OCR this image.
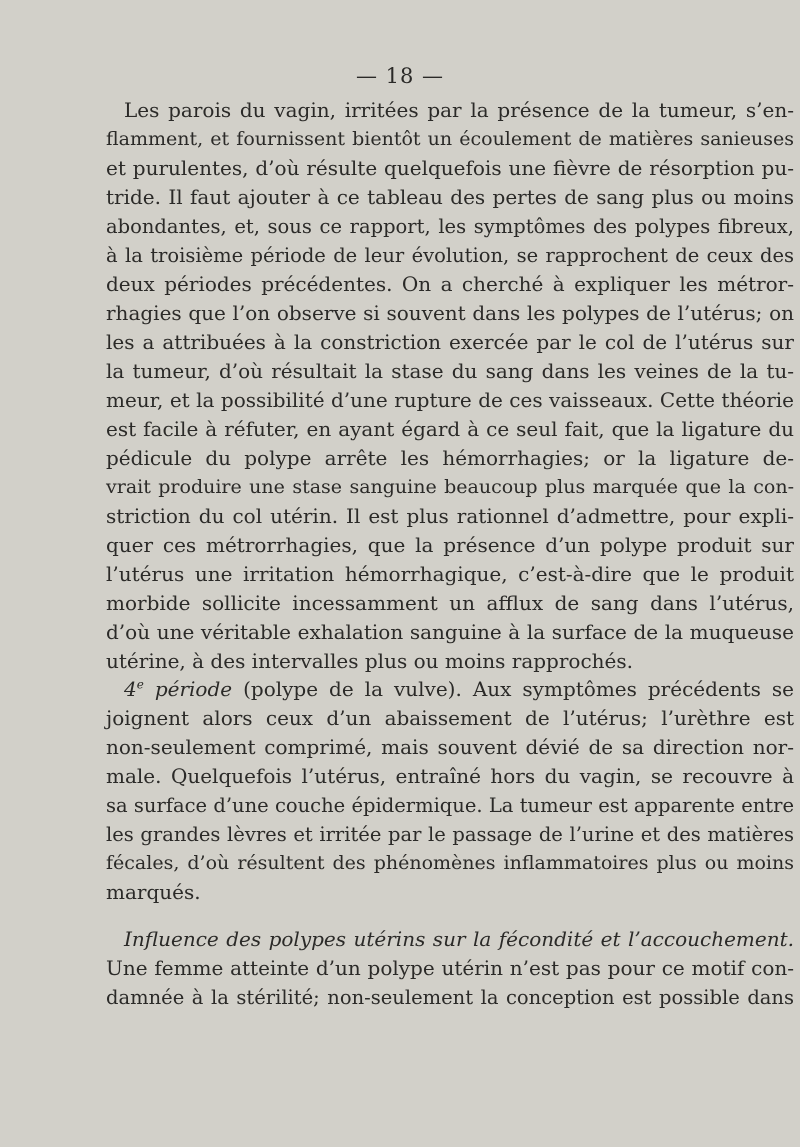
— 18 —

Les parois du vagin, irritées par la présence de la tumeur, s’en-
flamment, et fournissent bientôt un écoulement de matières sanieuses
et purulentes, d’où résulte quelquefois une fièvre de résorption pu-
tride. Il faut ajouter à ce tableau des pertes de sang plus ou moins
abondantes, et, sous ce rapport, les symptômes des polypes fibreux,
à la troisième période de leur évolution, se rapprochent de ceux des
deux périodes précédentes. On a cherché à expliquer les métror-
rhagies que l’on observe si souvent dans les polypes de l’utérus; on
les a attribuées à la constriction exercée par le col de l’utérus sur
la tumeur, d’où résultait la stase du sang dans les veines de la tu-
meur, et la possibilité d’une rupture de ces vaisseaux. Cette théorie
est facile à réfuter, en ayant égard à ce seul fait, que la ligature du
pédicule du polype arrête les hémorrhagies; or la ligature de-
vrait produire une stase sanguine beaucoup plus marquée que la con-
striction du col utérin. Il est plus rationnel d’admettre, pour expli-
quer ces métrorrhagies, que la présence d’un polype produit sur
l’utérus une irritation hémorrhagique, c’est-à-dire que le produit
morbide sollicite incessamment un afflux de sang dans l’utérus,
d’où une véritable exhalation sanguine à la surface de la muqueuse
utérine, à des intervalles plus ou moins rapprochés.
4e période (polype de la vulve). Aux symptômes précédents se
joignent alors ceux d’un abaissement de l’utérus; l’urèthre est
non-seulement comprimé, mais souvent dévié de sa direction nor-
male. Quelquefois l’utérus, entraîné hors du vagin, se recouvre à
sa surface d’une couche épidermique. La tumeur est apparente entre
les grandes lèvres et irritée par le passage de l’urine et des matières
fécales, d’où résultent des phénomènes inflammatoires plus ou moins
marqués.
Influence des polypes utérins sur la fécondité et l’accouchement.
Une femme atteinte d’un polype utérin n’est pas pour ce motif con-
damnée à la stérilité; non-seulement la conception est possible dans
